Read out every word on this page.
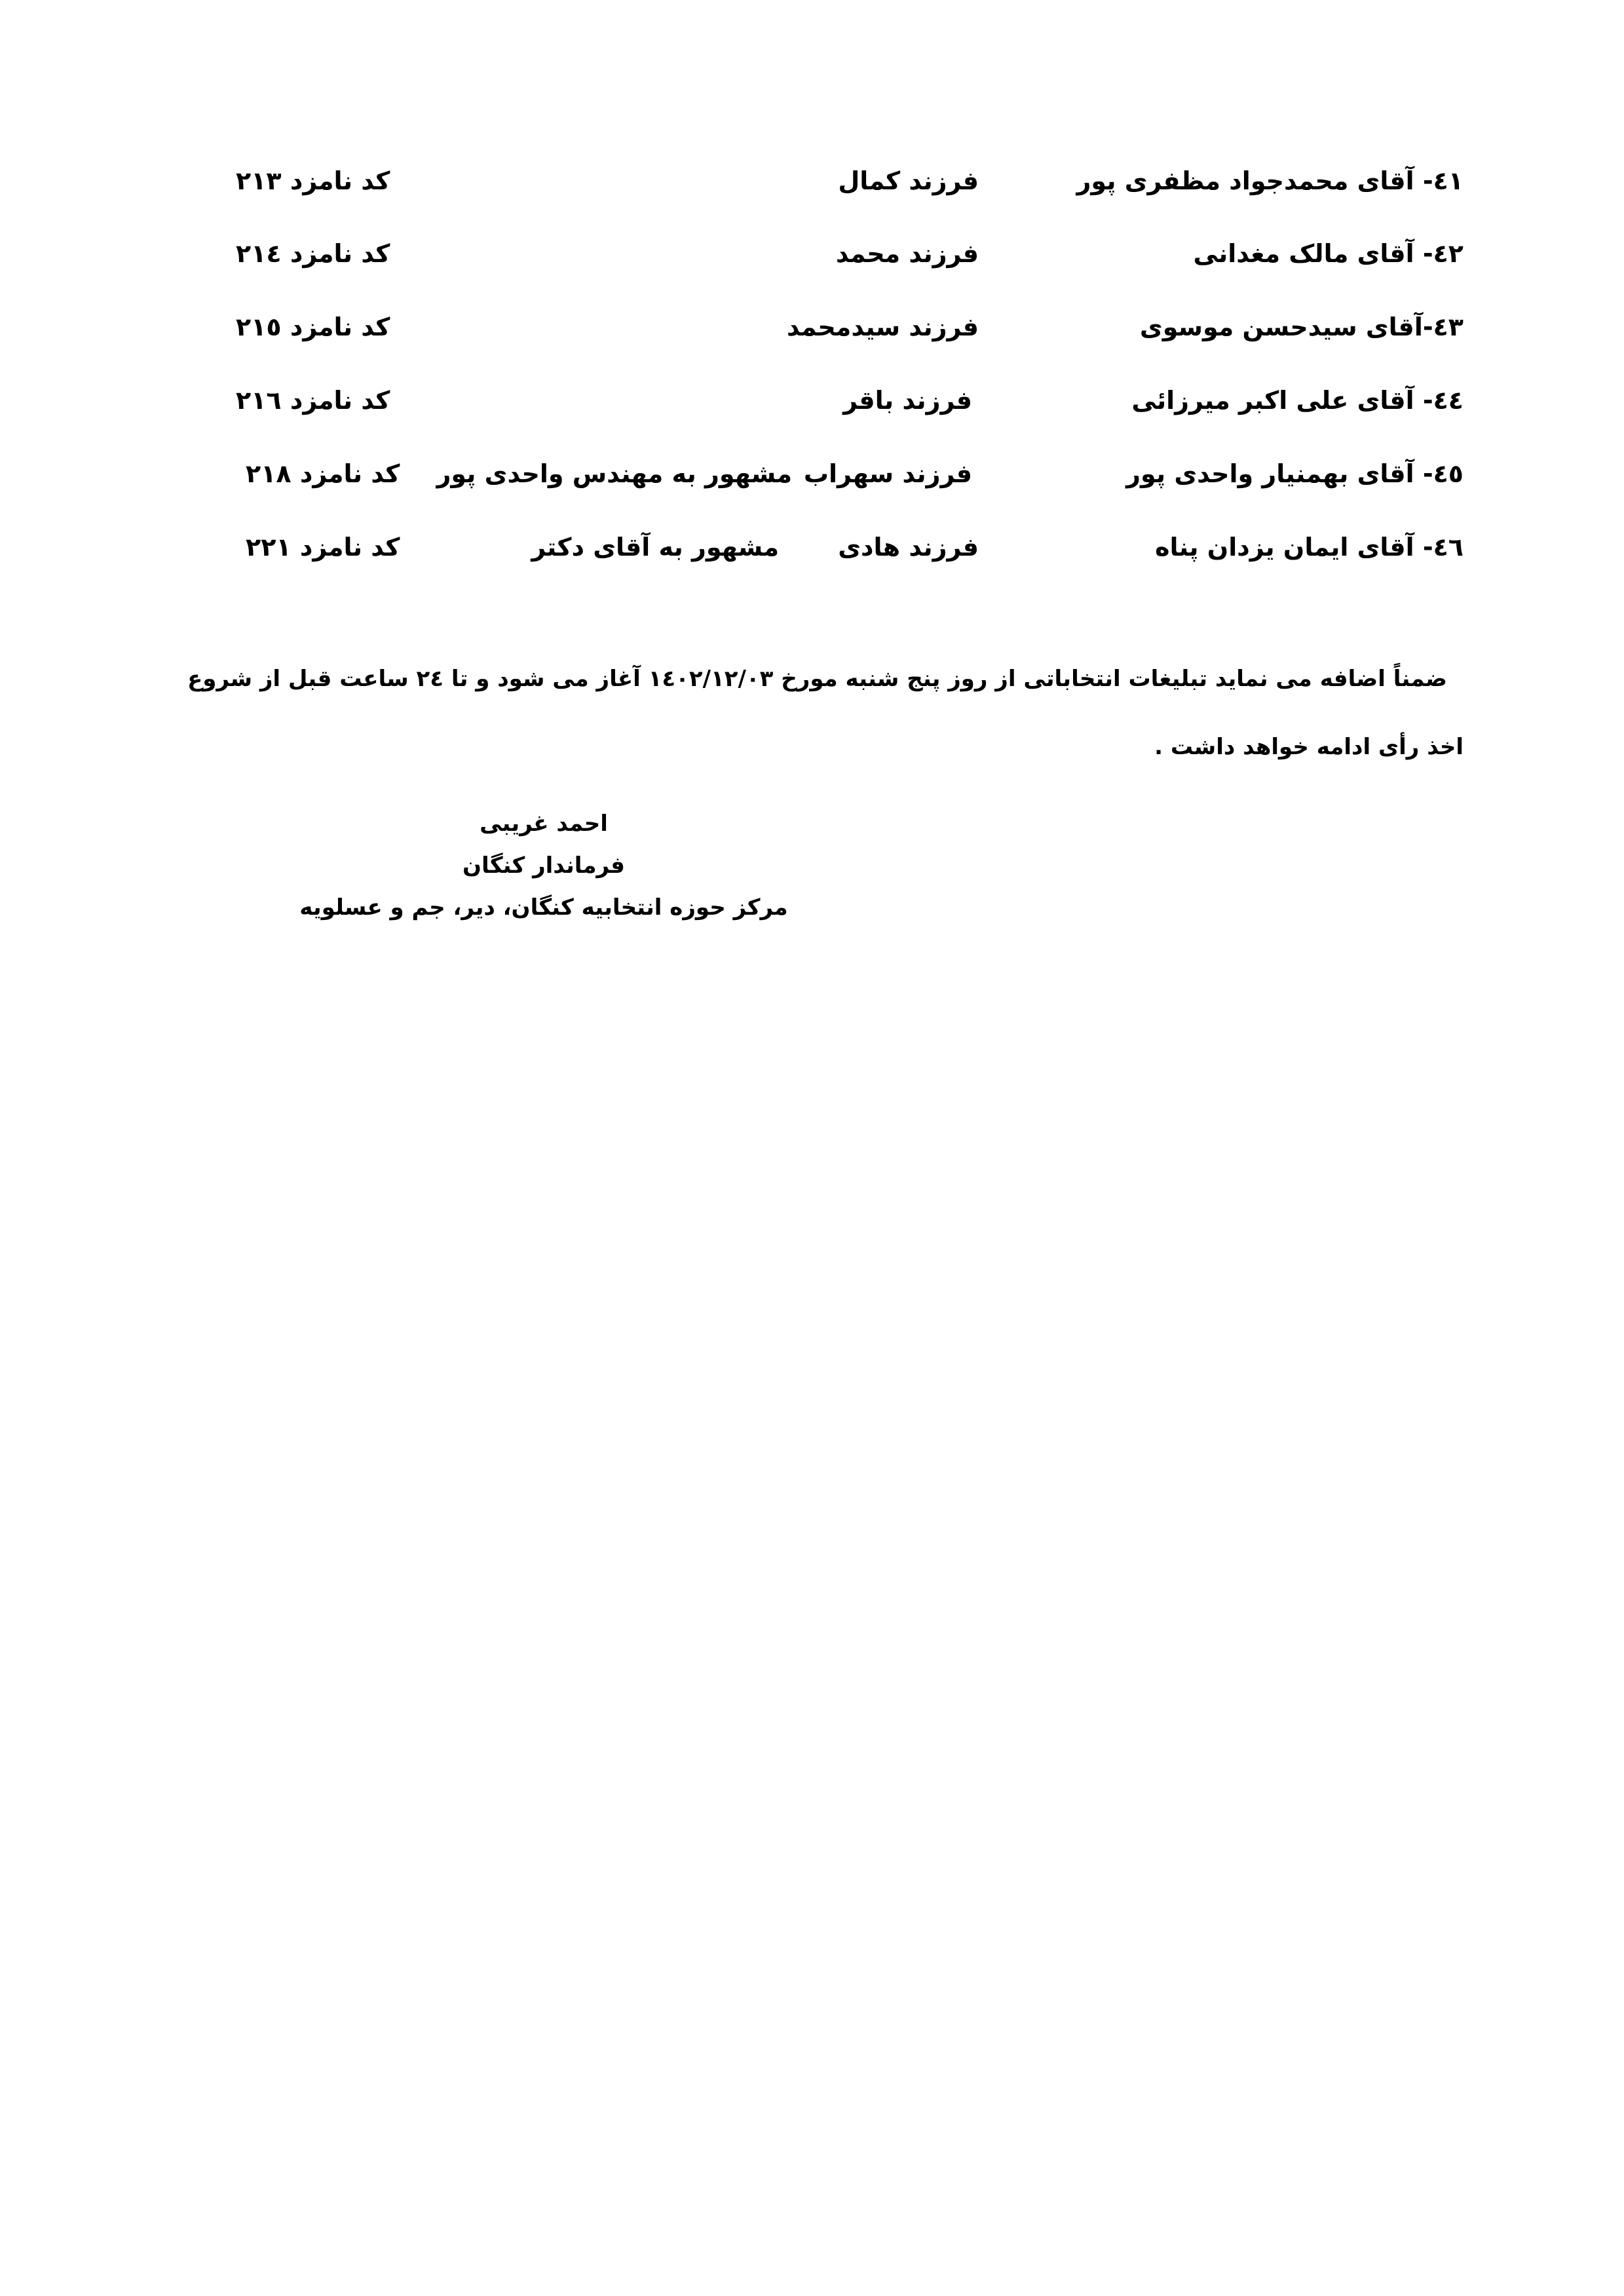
٤١- آقای محمدجواد مظفری پور
فرزند کمال
کد نامزد ۲۱۳
٤۲- آقای مالک مغدانی
فرزند محمد
کد نامزد ۲۱٤
٤۳-آقای سیدحسن موسوی
فرزند سیدمحمد
کد نامزد ۲۱٥
٤٤- آقای علی اکبر میرزائی
فرزند باقر
کد نامزد ۲۱٦
٤٥- آقای بهمنیار واحدی پور
فرزند سهراب
مشهور به مهندس واحدی پور
کد نامزد ۲۱۸
٤٦- آقای ایمان یزدان پناه
فرزند هادی
مشهور به آقای دکتر
کد نامزد ۲۲۱
ضمناً اضافه می نماید تبلیغات انتخاباتی از روز پنج شنبه مورخ ۱٤۰۲/۱۲/۰۳ آغاز می شود و تا ۲٤ ساعت قبل از شروع
اخذ رأی ادامه خواهد داشت .
احمد غریبی
فرماندار کنگان
مرکز حوزه انتخابیه کنگان، دیر، جم و عسلویه
